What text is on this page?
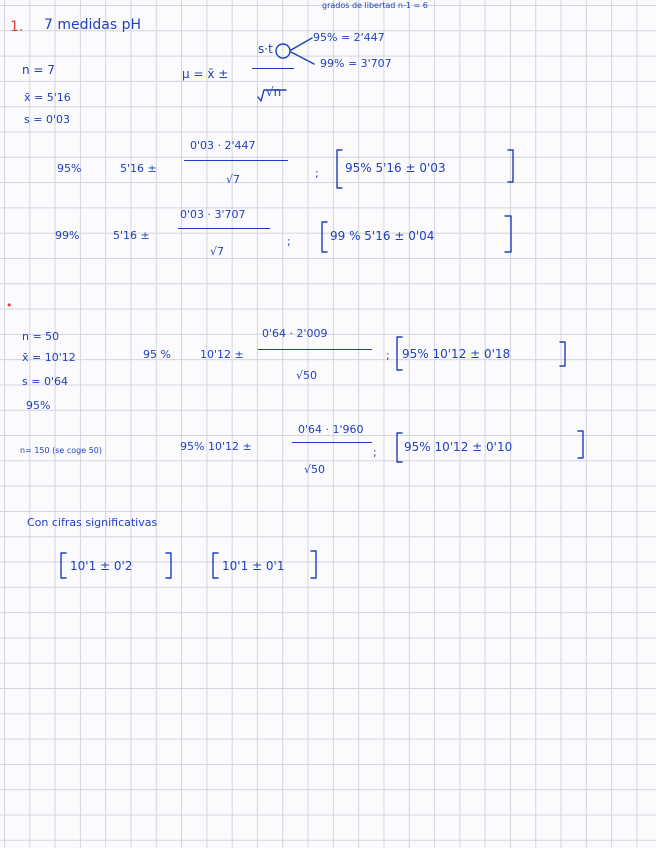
1. 7 medidas pH
grados de libertad n-1 = 6
95% = 2'447
99% = 3'707
μ = x̄ ±
s·t
√n
n = 7
x̄ = 5'16
s = 0'03
95%	5'16 ±
0'03 · 2'447
√7	; 95% 5'16 ± 0'03
99%	5'16 ±
0'03 · 3'707
√7
;	99 % 5'16 ± 0'04
•
n = 50
x̄ = 10'12
s = 0'64
95%
95 %	10'12 ±
0'64 · 2'009
√50
; 95% 10'12 ± 0'18
n= 150 (se coge 50)	95% 10'12 ±
0'64 · 1'960
√50
; 95% 10'12 ± 0'10
Con cifras significativas
10'1 ± 0'2	10'1 ± 0'1
